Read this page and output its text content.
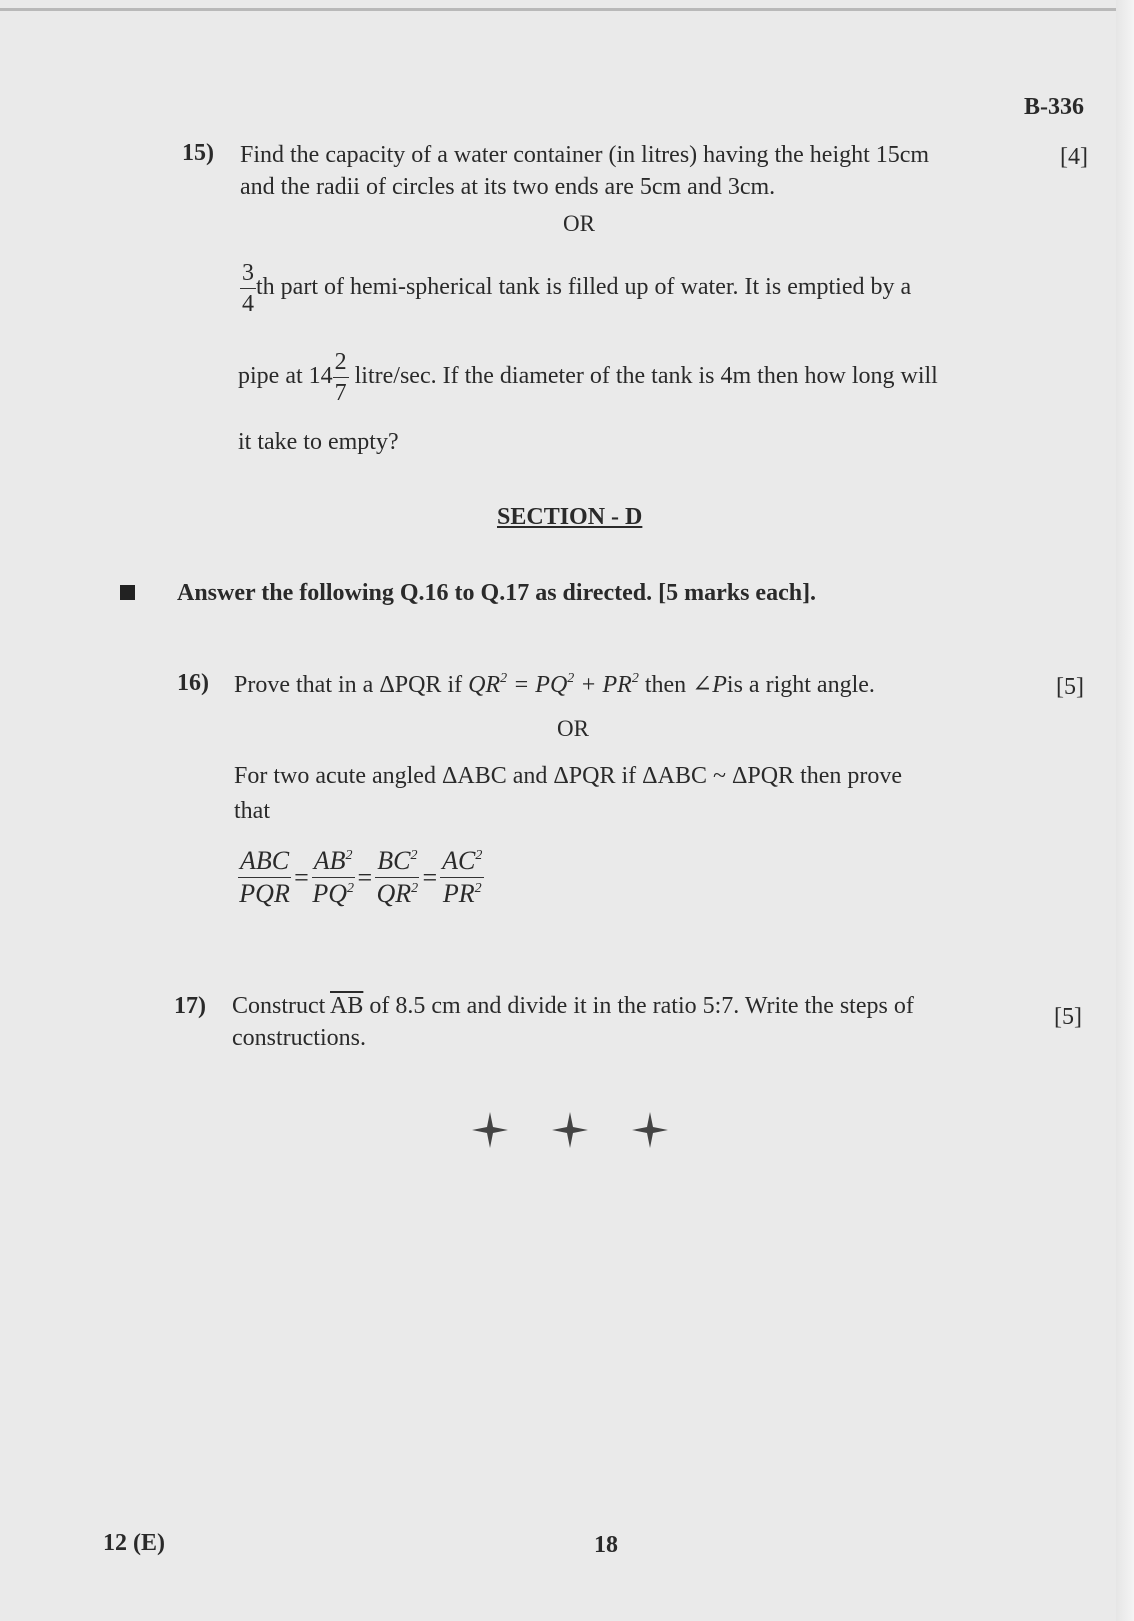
B-336
15) Find the capacity of a water container (in litres) having the height 15cm
and the radii of circles at its two ends are 5cm and 3cm.
[4]
OR
$\frac{3}{4}$ th part of hemi-spherical tank is filled up of water. It is emptied by a
pipe at $14 \frac{2}{7}$ litre/sec. If the diameter of the tank is 4m then how long will
it take to empty?
SECTION - D
Answer the following Q.16 to Q.17 as directed. [5 marks each].
16) Prove that in a ΔPQR if $QR^2 = PQ^2 + PR^2$ then ∠Pis a right angle.	[5]
OR
For two acute angled ΔABC and ΔPQR if ΔABC ~ ΔPQR then prove
that
$\frac{\text{ABC}}{\text{PQR}} = \frac{AB^2}{PQ^2} = \frac{BC^2}{QR^2} = \frac{AC^2}{PR^2}$
17) Construct $\overline{AB}$ of 8.5 cm and divide it in the ratio 5:7. Write the steps of
constructions.
[5]
12 (E)	18
